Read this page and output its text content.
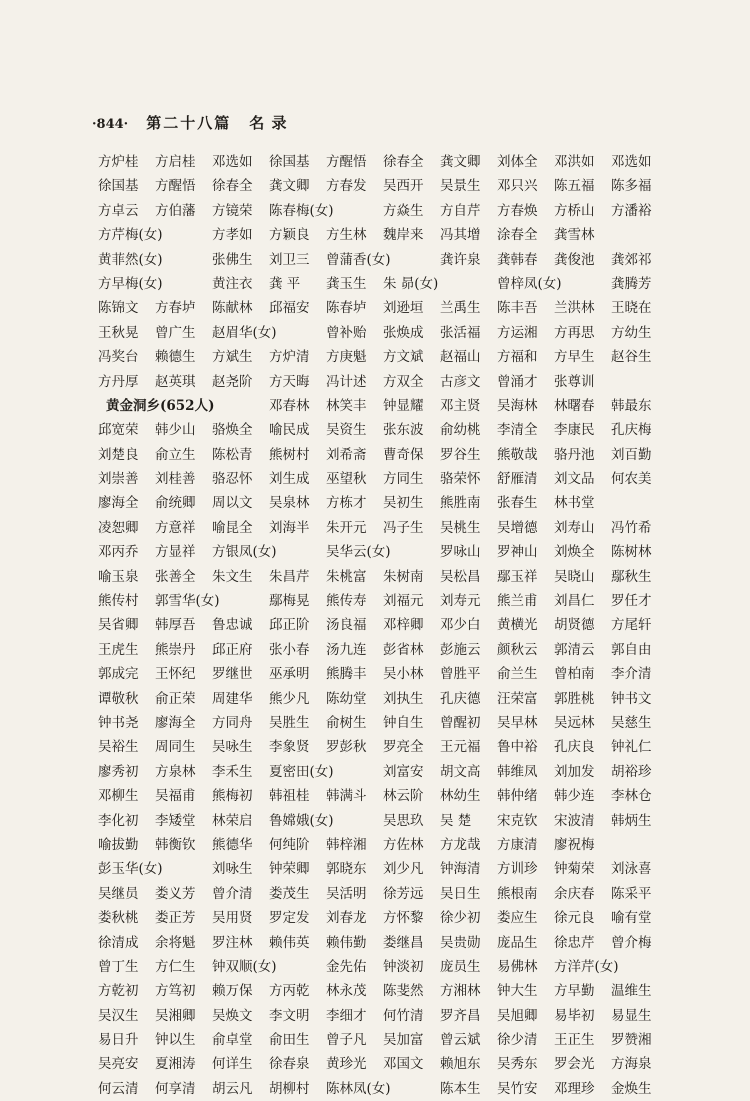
·844· 第二十八篇 名 录
方炉桂	方启桂	邓选如	徐国基	方醒悟	徐春全	龚文卿	刘体全	邓洪如	邓选如
徐国基	方醒悟	徐春全	龚文卿	方春发	吴西开	吴景生	邓只兴	陈五福	陈多福
方卓云	方伯藩	方镜荣	陈春梅(女)	方焱生	方自芹	方春焕	方桥山	方潘裕
方芹梅(女)	方孝如	方颖良	方生林	魏岸来	冯其增	涂春全	龚雪林
黄菲然(女)	张佛生	刘卫三	曾蒲香(女)	龚许泉	龚韩春	龚俊池	龚郊祁
方早梅(女)	黄注衣	龚 平	龚玉生	朱 昴(女)	曾梓凤(女)	龚腾芳
陈锦文	方春垆	陈献林	邱福安	陈春垆	刘逊垣	兰禹生	陈丰吾	兰洪林	王晓在
王秋晃	曾广生	赵眉华(女)	曾补贻	张焕成	张活福	方运湘	方再思	方幼生
冯奖台	赖德生	方斌生	方炉清	方庚魁	方文斌	赵福山	方福和	方早生	赵谷生
方丹厚	赵英琪	赵尧阶	方天晦	冯计述	方双全	古彦文	曾涌才	张尊训
黄金洞乡(652人)	邓春林	林笑丰	钟显耀	邓主贤	吴海林	林曙春	韩最东
邱宽荣	韩少山	骆焕全	喻民成	吴资生	张东波	俞幼桃	李清全	李康民	孔庆梅
刘楚良	俞立生	陈松青	熊树村	刘希斋	曹奇保	罗谷生	熊敬哉	骆丹池	刘百勤
刘崇善	刘桂善	骆忍怀	刘生成	巫望秋	方同生	骆荣怀	舒雁清	刘文品	何农美
廖海全	俞统卿	周以文	吴泉林	方栋才	吴初生	熊胜南	张春生	林书堂
凌恕卿	方意祥	喻昆全	刘海半	朱开元	冯子生	吴桃生	吴增德	刘寿山	冯竹希
邓丙乔	方显祥	方银凤(女)	吴华云(女)	罗咏山	罗神山	刘焕全	陈树林
喻玉泉	张善全	朱文生	朱昌芹	朱桃富	朱树南	吴松昌	鄢玉祥	吴晓山	鄢秋生
熊传村	郭雪华(女)	鄢梅晃	熊传寿	刘福元	刘寿元	熊兰甫	刘昌仁	罗任才
吴省卿	韩厚吾	鲁忠诚	邱正阶	汤良福	邓梓卿	邓少白	黄横光	胡贤德	方尾轩
王虎生	熊崇丹	邱正府	张小春	汤九连	彭省林	彭施云	颜秋云	郭清云	郭自由
郭成完	王怀纪	罗继世	巫承明	熊腾丰	吴小林	曾胜平	俞兰生	曾柏南	李介清
谭敬秋	俞正荣	周建华	熊少凡	陈幼堂	刘执生	孔庆德	汪荣富	郭胜桃	钟书文
钟书尧	廖海全	方同舟	吴胜生	俞树生	钟自生	曾醒初	吴早林	吴远林	吴慈生
吴裕生	周同生	吴咏生	李象贤	罗彭秋	罗亮全	王元福	鲁中裕	孔庆良	钟礼仁
廖秀初	方泉林	李禾生	夏密田(女)	刘富安	胡文高	韩维凤	刘加发	胡裕珍
邓柳生	吴福甫	熊梅初	韩祖桂	韩满斗	林云阶	林幼生	韩仲绪	韩少连	李林仓
李化初	李矮堂	林荣启	鲁嫦娥(女)	吴思玖	吴 楚	宋克钦	宋波清	韩炳生
喻拔勤	韩衡钦	熊德华	何纯阶	韩梓湘	方佐林	方龙哉	方康清	廖祝梅
彭玉华(女)	刘咏生	钟荣卿	郭晓东	刘少凡	钟海清	方训珍	钟菊荣	刘泳喜
吴继员	娄义芳	曾介清	娄茂生	吴活明	徐芳远	吴日生	熊根南	余庆春	陈采平
娄秋桃	娄正芳	吴用贤	罗定发	刘春龙	方怀黎	徐少初	娄应生	徐元良	喻有堂
徐清成	余将魁	罗注林	赖伟英	赖伟勤	娄继昌	吴贵勋	庞品生	徐忠芹	曾介梅
曾丁生	方仁生	钟双顺(女)	金先佑	钟淡初	庞员生	易佛林	方洋芹(女)
方乾初	方笃初	赖万保	方丙乾	林永茂	陈斐然	方湘林	钟大生	方早勤	温维生
吴汉生	吴湘卿	吴焕文	李文明	李细才	何竹清	罗齐昌	吴旭卿	易毕初	易显生
易日升	钟以生	俞卓堂	俞田生	曾子凡	吴加富	曾云斌	徐少清	王正生	罗赞湘
吴亮安	夏湘涛	何详生	徐春泉	黄珍光	邓国文	赖旭东	吴秀东	罗会光	方海泉
何云清	何享清	胡云凡	胡柳村	陈林凤(女)	陈本生	吴竹安	邓理珍	金焕生
